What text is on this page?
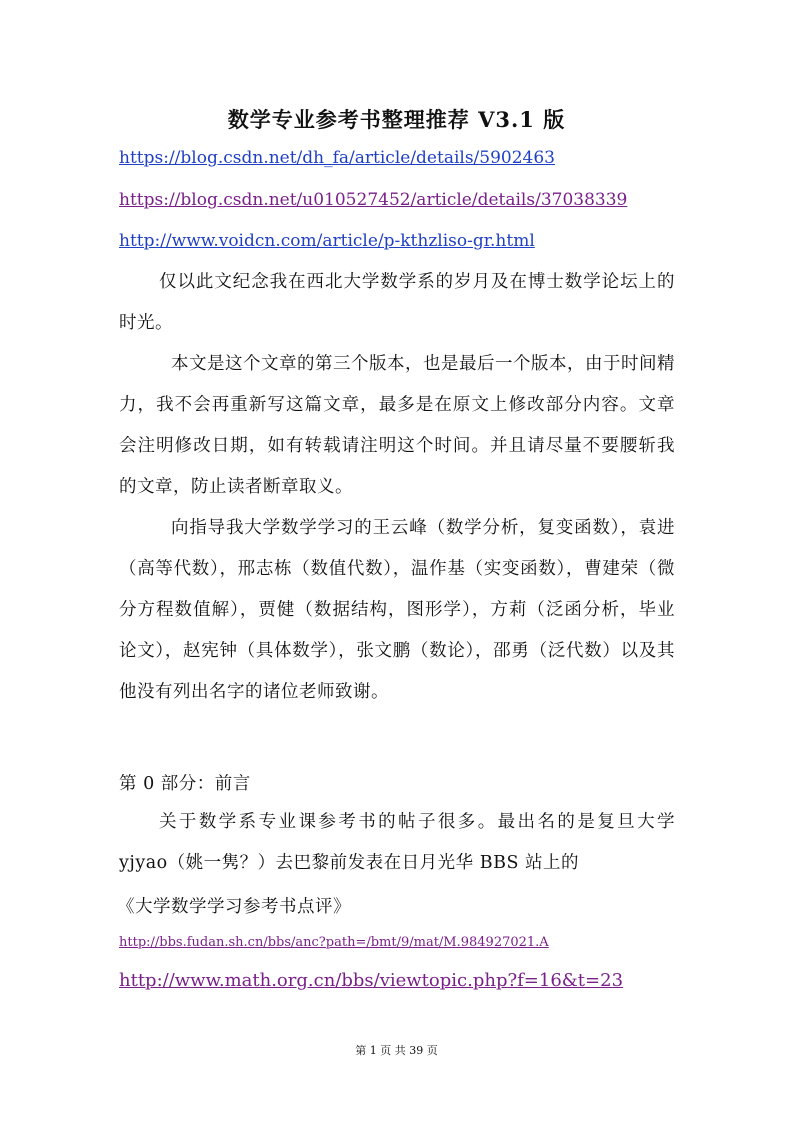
数学专业参考书整理推荐 V3.1 版
https://blog.csdn.net/dh_fa/article/details/5902463
https://blog.csdn.net/u010527452/article/details/37038339
http://www.voidcn.com/article/p-kthzliso-gr.html
仅以此文纪念我在西北大学数学系的岁月及在博士数学论坛上的时光。
本文是这个文章的第三个版本，也是最后一个版本，由于时间精力，我不会再重新写这篇文章，最多是在原文上修改部分内容。文章会注明修改日期，如有转载请注明这个时间。并且请尽量不要腰斩我的文章，防止读者断章取义。
向指导我大学数学学习的王云峰（数学分析，复变函数），袁进（高等代数），邢志栋（数值代数），温作基（实变函数），曹建荣（微分方程数值解），贾健（数据结构，图形学），方莉（泛函分析，毕业论文），赵宪钟（具体数学），张文鹏（数论），邵勇（泛代数）以及其他没有列出名字的诸位老师致谢。
第 0 部分：前言
关于数学系专业课参考书的帖子很多。最出名的是复旦大学 yjyao（姚一隽？）去巴黎前发表在日月光华 BBS 站上的
《大学数学学习参考书点评》
http://bbs.fudan.sh.cn/bbs/anc?path=/bmt/9/mat/M.984927021.A
http://www.math.org.cn/bbs/viewtopic.php?f=16&t=23
第 1 页 共 39 页
